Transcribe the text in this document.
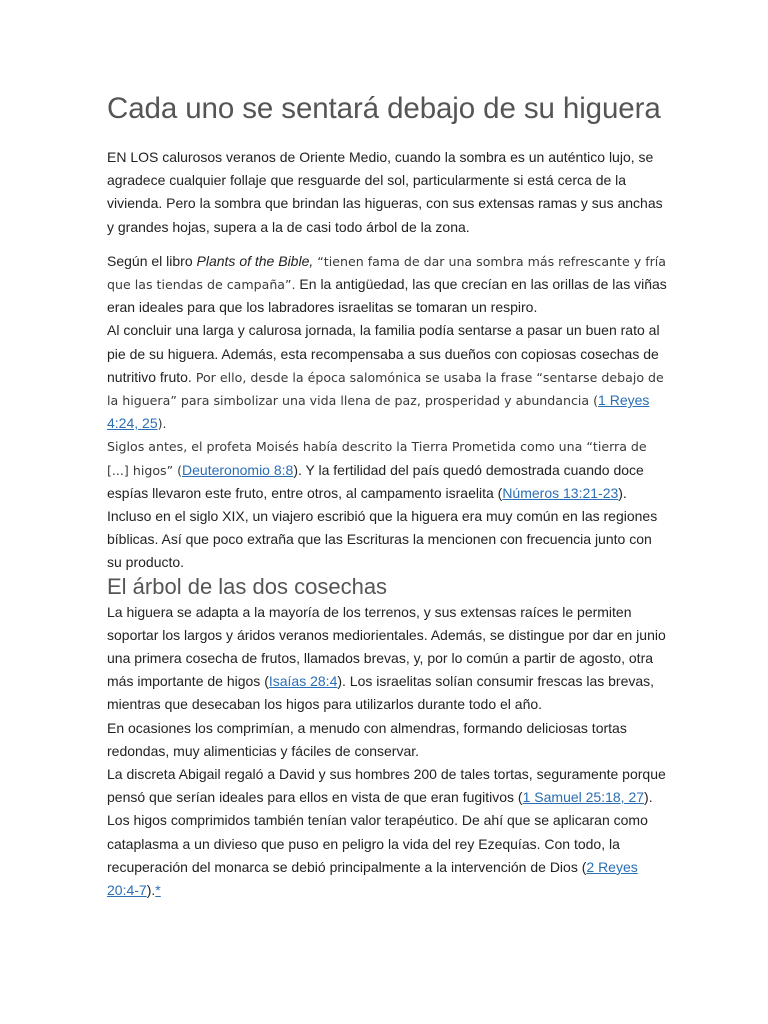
Cada uno se sentará debajo de su higuera

EN LOS calurosos veranos de Oriente Medio, cuando la sombra es un auténtico lujo, se agradece cualquier follaje que resguarde del sol, particularmente si está cerca de la vivienda. Pero la sombra que brindan las higueras, con sus extensas ramas y sus anchas y grandes hojas, supera a la de casi todo árbol de la zona.

Según el libro Plants of the Bible, “tienen fama de dar una sombra más refrescante y fría que las tiendas de campaña”. En la antigüedad, las que crecían en las orillas de las viñas eran ideales para que los labradores israelitas se tomaran un respiro.

Al concluir una larga y calurosa jornada, la familia podía sentarse a pasar un buen rato al pie de su higuera. Además, esta recompensaba a sus dueños con copiosas cosechas de nutritivo fruto. Por ello, desde la época salomónica se usaba la frase “sentarse debajo de la higuera” para simbolizar una vida llena de paz, prosperidad y abundancia (1 Reyes 4:24, 25).

Siglos antes, el profeta Moisés había descrito la Tierra Prometida como una “tierra de [...] higos” (Deuteronomio 8:8). Y la fertilidad del país quedó demostrada cuando doce espías llevaron este fruto, entre otros, al campamento israelita (Números 13:21-23). Incluso en el siglo XIX, un viajero escribió que la higuera era muy común en las regiones bíblicas. Así que poco extraña que las Escrituras la mencionen con frecuencia junto con su producto.

El árbol de las dos cosechas

La higuera se adapta a la mayoría de los terrenos, y sus extensas raíces le permiten soportar los largos y áridos veranos mediorientales. Además, se distingue por dar en junio una primera cosecha de frutos, llamados brevas, y, por lo común a partir de agosto, otra más importante de higos (Isaías 28:4). Los israelitas solían consumir frescas las brevas, mientras que desecaban los higos para utilizarlos durante todo el año.

En ocasiones los comprimían, a menudo con almendras, formando deliciosas tortas redondas, muy alimenticias y fáciles de conservar.

La discreta Abigail regaló a David y sus hombres 200 de tales tortas, seguramente porque pensó que serían ideales para ellos en vista de que eran fugitivos (1 Samuel 25:18, 27).

Los higos comprimidos también tenían valor terapéutico. De ahí que se aplicaran como cataplasma a un divieso que puso en peligro la vida del rey Ezequías. Con todo, la recuperación del monarca se debió principalmente a la intervención de Dios (2 Reyes 20:4-7).*
